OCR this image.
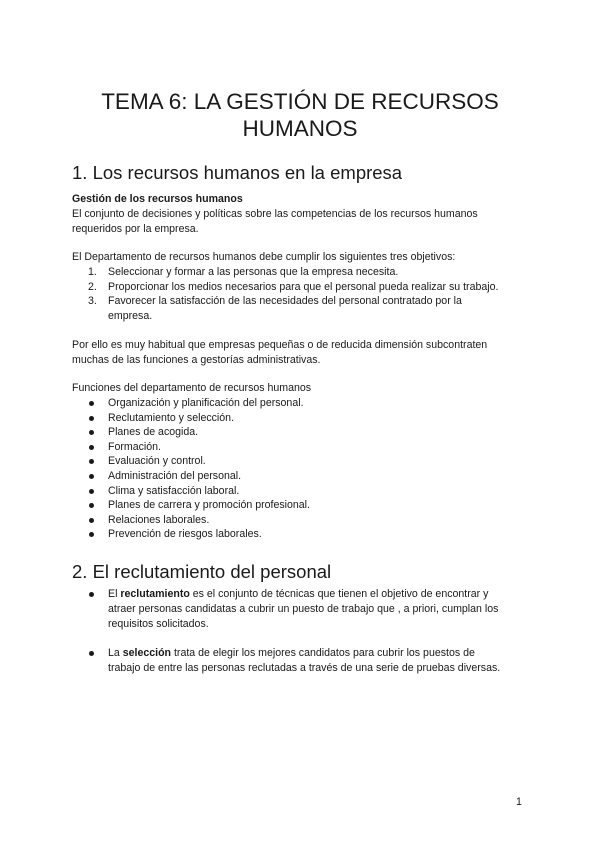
TEMA 6: LA GESTIÓN DE RECURSOS
HUMANOS
1. Los recursos humanos en la empresa

Gestión de los recursos humanos

El conjunto de decisiones y políticas sobre las competencias de los recursos humanos
requeridos por la empresa.

El Departamento de recursos humanos debe cumplir los siguientes tres objetivos:

1. Seleccionar y formar a las personas que la empresa necesita.
2. Proporcionar los medios necesarios para que el personal pueda realizar su trabajo.
3. Favorecer la satisfacción de las necesidades del personal contratado por la
empresa.

Por ello es muy habitual que empresas pequeñas o de reducida dimensión subcontraten
muchas de las funciones a gestorías administrativas.

Funciones del departamento de recursos humanos

Organización y planificación del personal.
Reclutamiento y selección.
Planes de acogida.
Formación.
Evaluación y control.
Administración del personal.
Clima y satisfacción laboral.
Planes de carrera y promoción profesional.
Relaciones laborales.
Prevención de riesgos laborales.
2. El reclutamiento del personal
El reclutamiento es el conjunto de técnicas que tienen el objetivo de encontrar y
atraer personas candidatas a cubrir un puesto de trabajo que , a priori, cumplan los
requisitos solicitados.
La selección trata de elegir los mejores candidatos para cubrir los puestos de
trabajo de entre las personas reclutadas a través de una serie de pruebas diversas.
1
